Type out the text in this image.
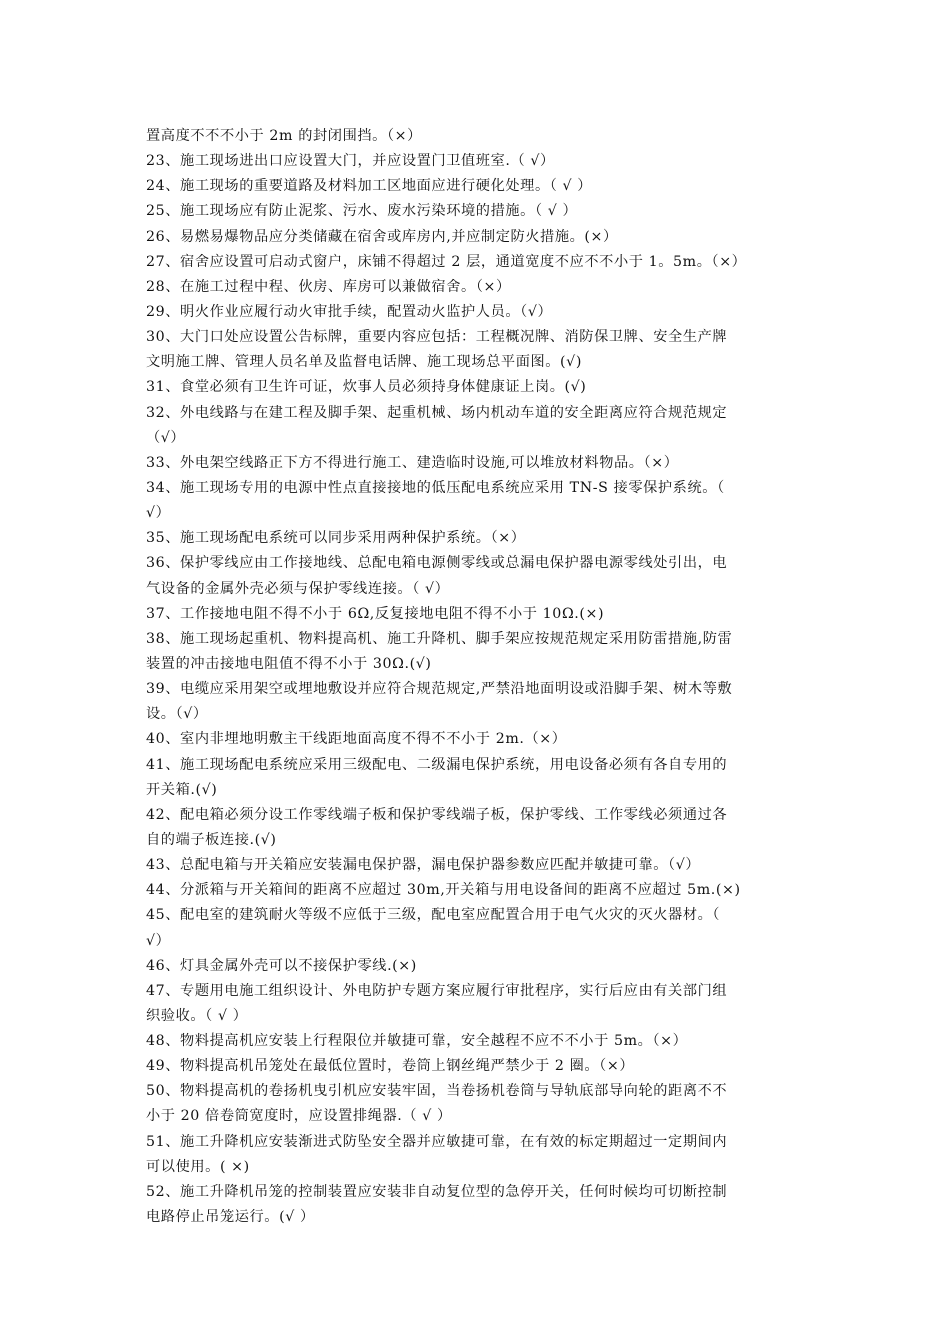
置高度不不不小于 2m 的封闭围挡。（×）
23、施工现场进出口应设置大门，并应设置门卫值班室.（ √）
24、施工现场的重要道路及材料加工区地面应进行硬化处理。（ √ ）
25、施工现场应有防止泥浆、污水、废水污染环境的措施。（ √ ）
26、易燃易爆物品应分类储藏在宿舍或库房内,并应制定防火措施。(×）
27、宿舍应设置可启动式窗户，床铺不得超过 2 层，通道宽度不应不不小于 1。5m。（×）
28、在施工过程中程、伙房、库房可以兼做宿舍。（×）
29、明火作业应履行动火审批手续，配置动火监护人员。（√）
30、大门口处应设置公告标牌，重要内容应包括：工程概况牌、消防保卫牌、安全生产牌
文明施工牌、管理人员名单及监督电话牌、施工现场总平面图。(√)
31、食堂必须有卫生许可证，炊事人员必须持身体健康证上岗。(√)
32、外电线路与在建工程及脚手架、起重机械、场内机动车道的安全距离应符合规范规定
（√）
33、外电架空线路正下方不得进行施工、建造临时设施,可以堆放材料物品。（×）
34、施工现场专用的电源中性点直接接地的低压配电系统应采用 TN-S 接零保护系统。（
√）
35、施工现场配电系统可以同步采用两种保护系统。（×）
36、保护零线应由工作接地线、总配电箱电源侧零线或总漏电保护器电源零线处引出，电
气设备的金属外壳必须与保护零线连接。（ √）
37、工作接地电阻不得不小于 6Ω,反复接地电阻不得不小于 10Ω.(×)
38、施工现场起重机、物料提高机、施工升降机、脚手架应按规范规定采用防雷措施,防雷
装置的冲击接地电阻值不得不小于 30Ω.(√)
39、电缆应采用架空或埋地敷设并应符合规范规定,严禁沿地面明设或沿脚手架、树木等敷
设。（√）
40、室内非埋地明敷主干线距地面高度不得不不小于 2m.（×）
41、施工现场配电系统应采用三级配电、二级漏电保护系统，用电设备必须有各自专用的
开关箱.(√)
42、配电箱必须分设工作零线端子板和保护零线端子板，保护零线、工作零线必须通过各
自的端子板连接.(√)
43、总配电箱与开关箱应安装漏电保护器，漏电保护器参数应匹配并敏捷可靠。（√）
44、分派箱与开关箱间的距离不应超过 30m,开关箱与用电设备间的距离不应超过 5m.(×)
45、配电室的建筑耐火等级不应低于三级，配电室应配置合用于电气火灾的灭火器材。（
√）
46、灯具金属外壳可以不接保护零线.(×)
47、专题用电施工组织设计、外电防护专题方案应履行审批程序，实行后应由有关部门组
织验收。（ √ ）
48、物料提高机应安装上行程限位并敏捷可靠，安全越程不应不不小于 5m。（×）
49、物料提高机吊笼处在最低位置时，卷筒上钢丝绳严禁少于 2 圈。（×）
50、物料提高机的卷扬机曳引机应安装牢固，当卷扬机卷筒与导轨底部导向轮的距离不不
小于 20 倍卷筒宽度时，应设置排绳器.（ √ ）
51、施工升降机应安装渐进式防坠安全器并应敏捷可靠，在有效的标定期超过一定期间内
可以使用。( ×)
52、施工升降机吊笼的控制装置应安装非自动复位型的急停开关，任何时候均可切断控制
电路停止吊笼运行。(√ ）
